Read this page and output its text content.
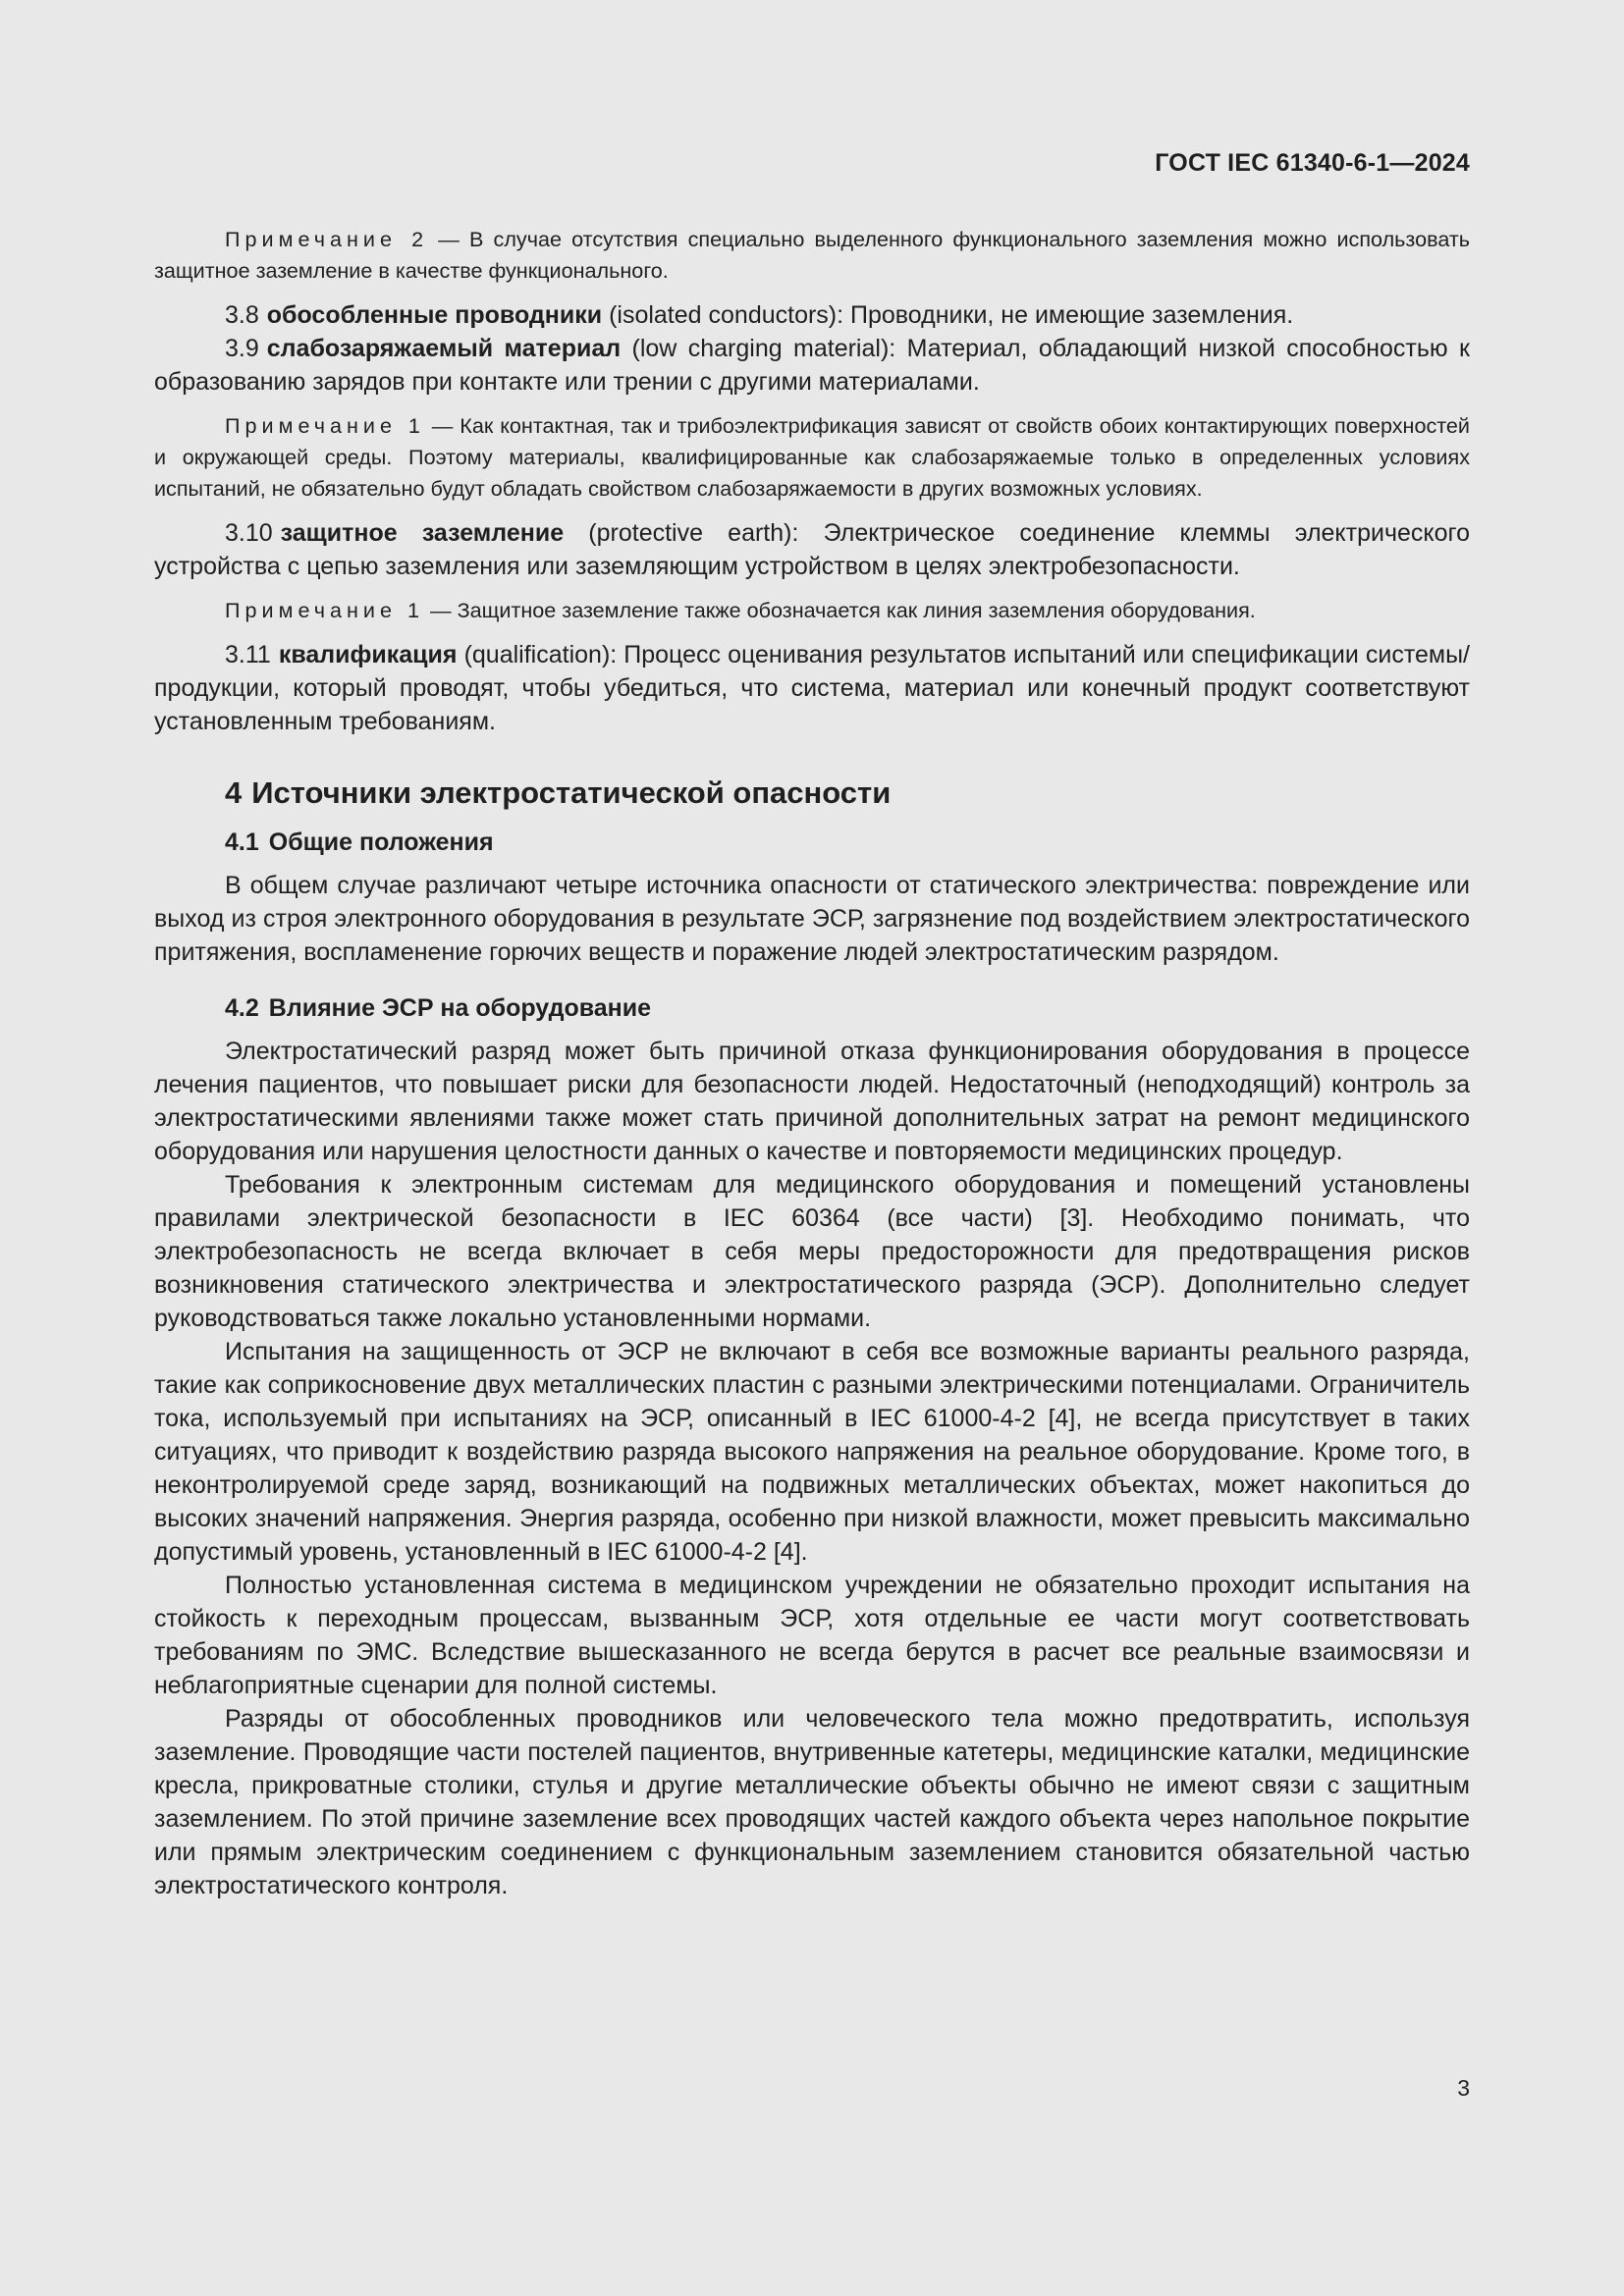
ГОСТ IEC 61340-6-1—2024

Примечание 2 — В случае отсутствия специально выделенного функционального заземления можно использовать защитное заземление в качестве функционального.

3.8 обособленные проводники (isolated conductors): Проводники, не имеющие заземления.

3.9 слабозаряжаемый материал (low charging material): Материал, обладающий низкой способностью к образованию зарядов при контакте или трении с другими материалами.

Примечание 1 — Как контактная, так и трибоэлектрификация зависят от свойств обоих контактирующих поверхностей и окружающей среды. Поэтому материалы, квалифицированные как слабозаряжаемые только в определенных условиях испытаний, не обязательно будут обладать свойством слабозаряжаемости в других возможных условиях.

3.10 защитное заземление (protective earth): Электрическое соединение клеммы электрического устройства с цепью заземления или заземляющим устройством в целях электробезопасности.

Примечание 1 — Защитное заземление также обозначается как линия заземления оборудования.

3.11 квалификация (qualification): Процесс оценивания результатов испытаний или спецификации системы/продукции, который проводят, чтобы убедиться, что система, материал или конечный продукт соответствуют установленным требованиям.

4 Источники электростатической опасности
4.1 Общие положения

В общем случае различают четыре источника опасности от статического электричества: повреждение или выход из строя электронного оборудования в результате ЭСР, загрязнение под воздействием электростатического притяжения, воспламенение горючих веществ и поражение людей электростатическим разрядом.

4.2 Влияние ЭСР на оборудование

Электростатический разряд может быть причиной отказа функционирования оборудования в процессе лечения пациентов, что повышает риски для безопасности людей. Недостаточный (неподходящий) контроль за электростатическими явлениями также может стать причиной дополнительных затрат на ремонт медицинского оборудования или нарушения целостности данных о качестве и повторяемости медицинских процедур.

Требования к электронным системам для медицинского оборудования и помещений установлены правилами электрической безопасности в IEC 60364 (все части) [3]. Необходимо понимать, что электробезопасность не всегда включает в себя меры предосторожности для предотвращения рисков возникновения статического электричества и электростатического разряда (ЭСР). Дополнительно следует руководствоваться также локально установленными нормами.

Испытания на защищенность от ЭСР не включают в себя все возможные варианты реального разряда, такие как соприкосновение двух металлических пластин с разными электрическими потенциалами. Ограничитель тока, используемый при испытаниях на ЭСР, описанный в IEC 61000-4-2 [4], не всегда присутствует в таких ситуациях, что приводит к воздействию разряда высокого напряжения на реальное оборудование. Кроме того, в неконтролируемой среде заряд, возникающий на подвижных металлических объектах, может накопиться до высоких значений напряжения. Энергия разряда, особенно при низкой влажности, может превысить максимально допустимый уровень, установленный в IEC 61000-4-2 [4].

Полностью установленная система в медицинском учреждении не обязательно проходит испытания на стойкость к переходным процессам, вызванным ЭСР, хотя отдельные ее части могут соответствовать требованиям по ЭМС. Вследствие вышесказанного не всегда берутся в расчет все реальные взаимосвязи и неблагоприятные сценарии для полной системы.

Разряды от обособленных проводников или человеческого тела можно предотвратить, используя заземление. Проводящие части постелей пациентов, внутривенные катетеры, медицинские каталки, медицинские кресла, прикроватные столики, стулья и другие металлические объекты обычно не имеют связи с защитным заземлением. По этой причине заземление всех проводящих частей каждого объекта через напольное покрытие или прямым электрическим соединением с функциональным заземлением становится обязательной частью электростатического контроля.

3
